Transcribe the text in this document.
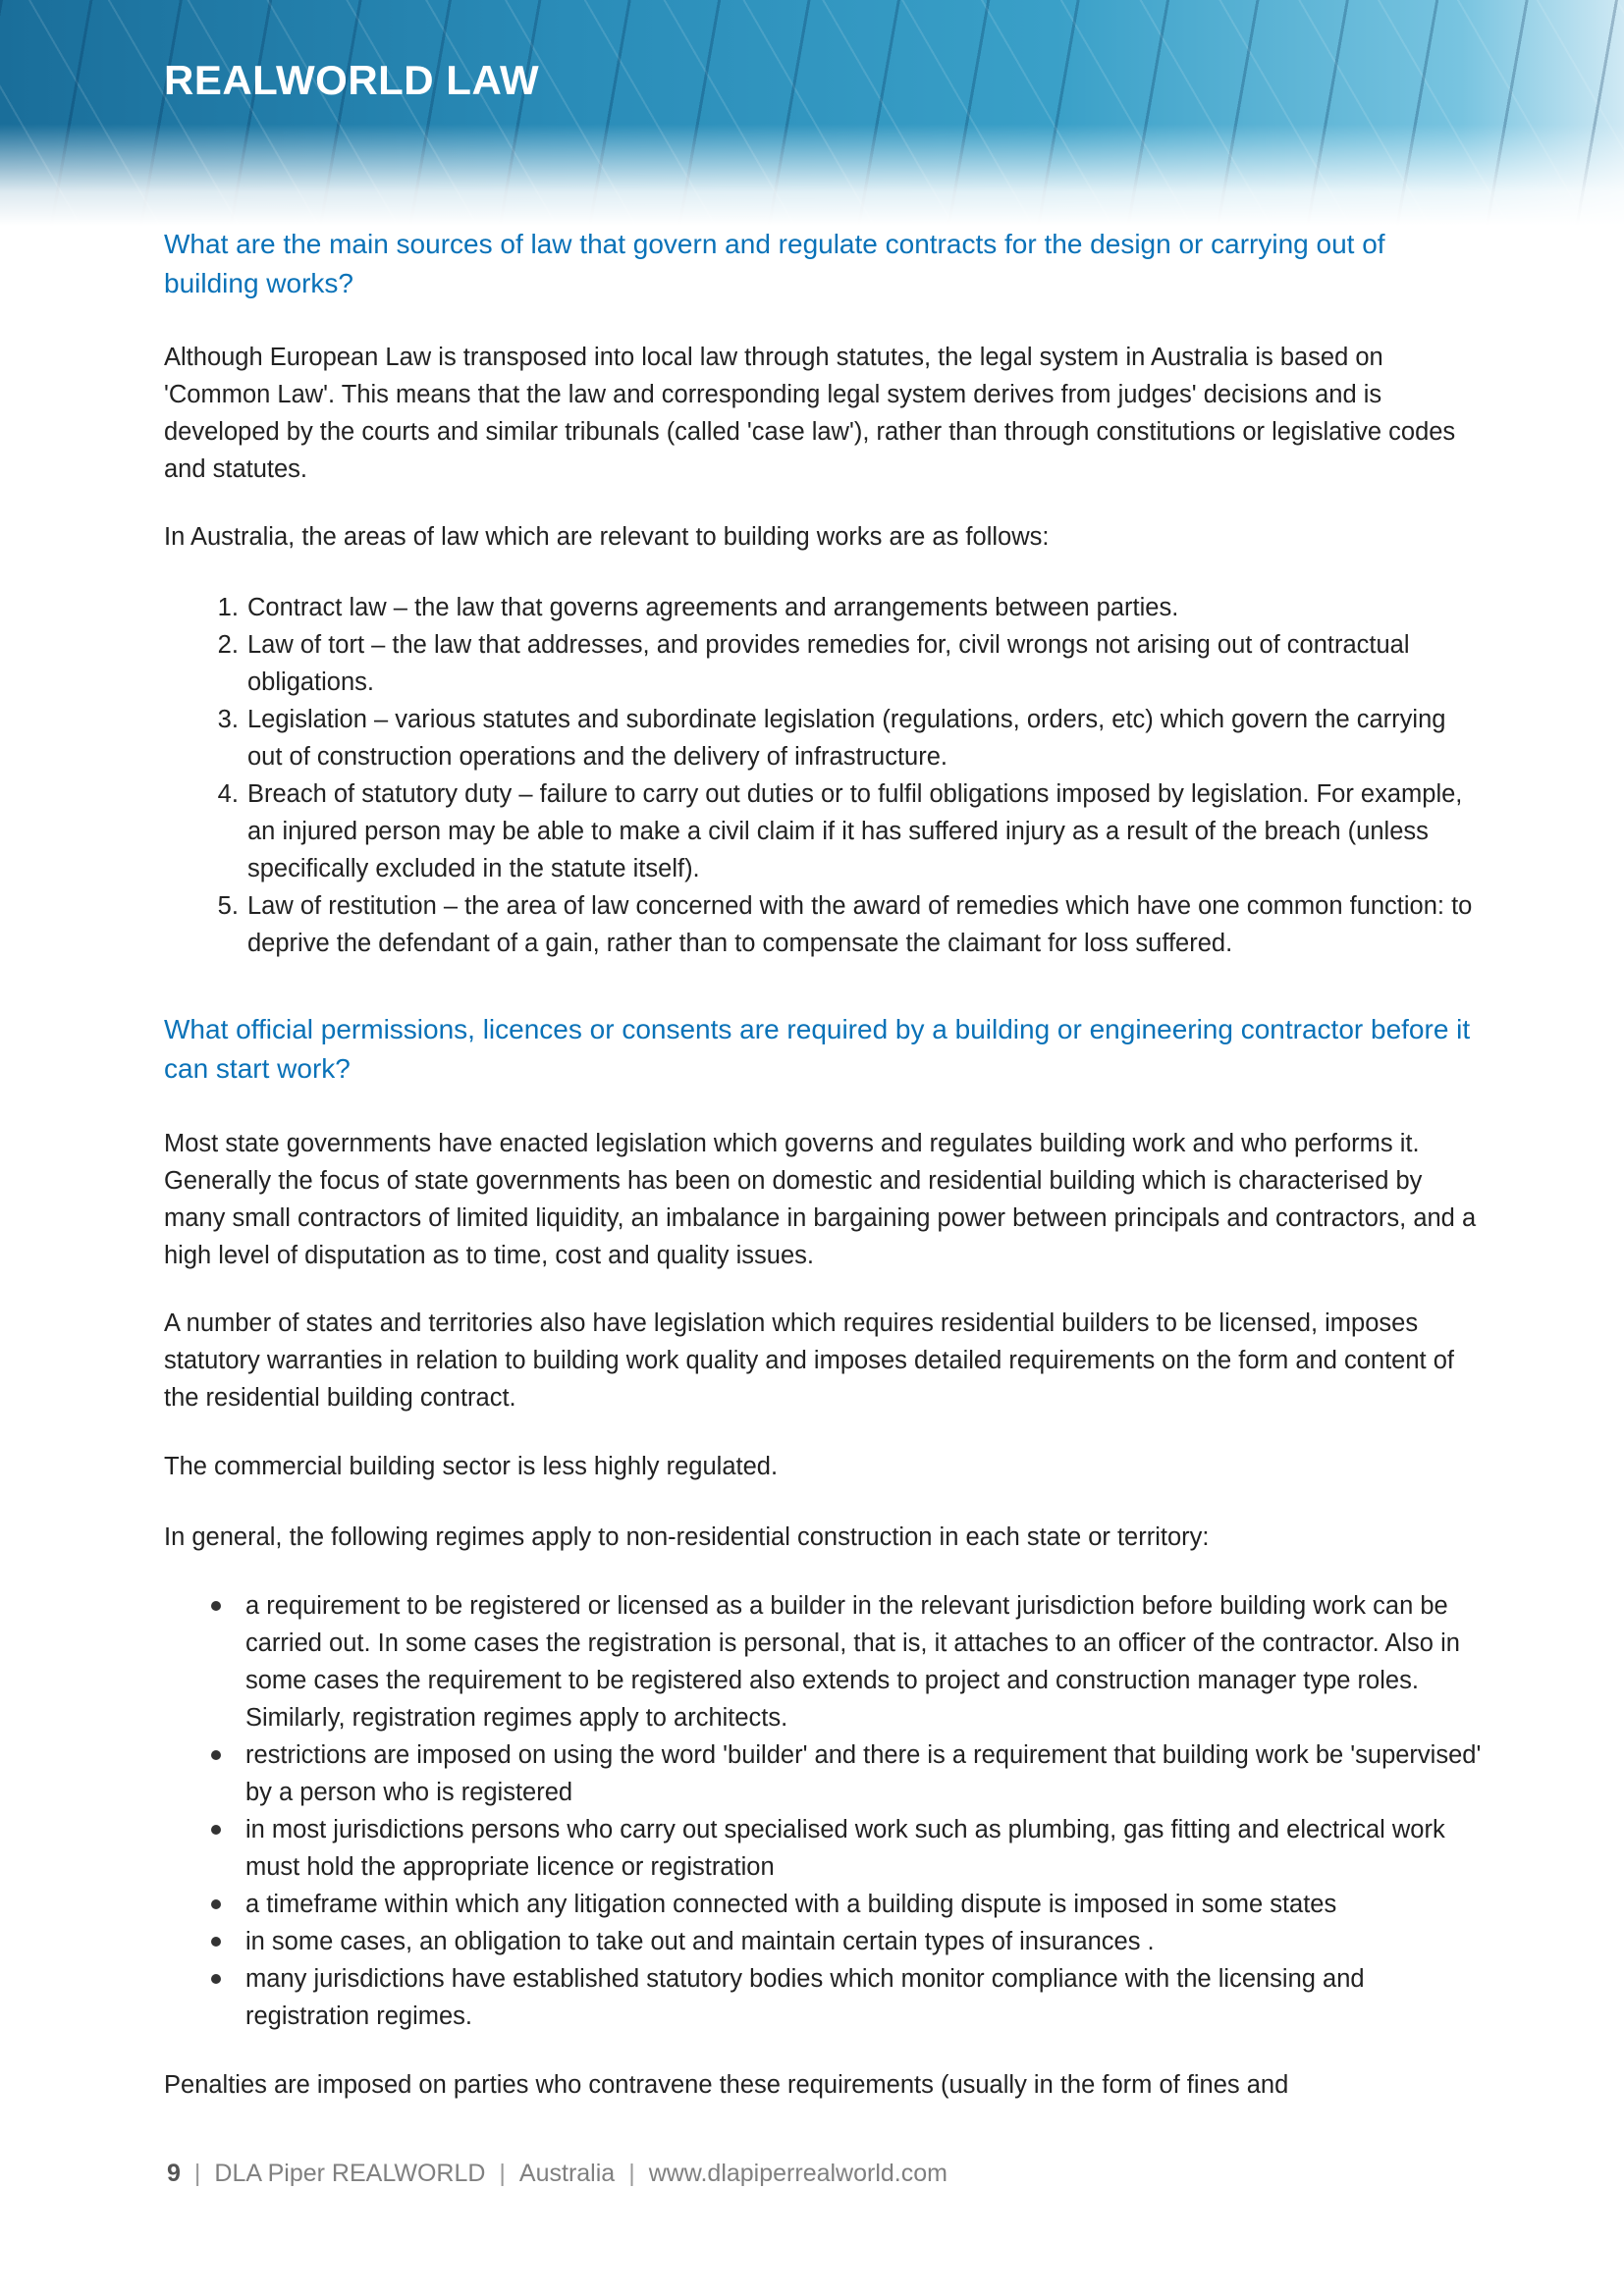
REALWORLD LAW
What are the main sources of law that govern and regulate contracts for the design or carrying out of building works?
Although European Law is transposed into local law through statutes, the legal system in Australia is based on 'Common Law'. This means that the law and corresponding legal system derives from judges' decisions and is developed by the courts and similar tribunals (called 'case law'), rather than through constitutions or legislative codes and statutes.
In Australia, the areas of law which are relevant to building works are as follows:
1. Contract law – the law that governs agreements and arrangements between parties.
2. Law of tort – the law that addresses, and provides remedies for, civil wrongs not arising out of contractual obligations.
3. Legislation – various statutes and subordinate legislation (regulations, orders, etc) which govern the carrying out of construction operations and the delivery of infrastructure.
4. Breach of statutory duty – failure to carry out duties or to fulfil obligations imposed by legislation. For example, an injured person may be able to make a civil claim if it has suffered injury as a result of the breach (unless specifically excluded in the statute itself).
5. Law of restitution – the area of law concerned with the award of remedies which have one common function: to deprive the defendant of a gain, rather than to compensate the claimant for loss suffered.
What official permissions, licences or consents are required by a building or engineering contractor before it can start work?
Most state governments have enacted legislation which governs and regulates building work and who performs it. Generally the focus of state governments has been on domestic and residential building which is characterised by many small contractors of limited liquidity, an imbalance in bargaining power between principals and contractors, and a high level of disputation as to time, cost and quality issues.
A number of states and territories also have legislation which requires residential builders to be licensed, imposes statutory warranties in relation to building work quality and imposes detailed requirements on the form and content of the residential building contract.
The commercial building sector is less highly regulated.
In general, the following regimes apply to non-residential construction in each state or territory:
a requirement to be registered or licensed as a builder in the relevant jurisdiction before building work can be carried out. In some cases the registration is personal, that is, it attaches to an officer of the contractor. Also in some cases the requirement to be registered also extends to project and construction manager type roles. Similarly, registration regimes apply to architects.
restrictions are imposed on using the word 'builder' and there is a requirement that building work be 'supervised' by a person who is registered
in most jurisdictions persons who carry out specialised work such as plumbing, gas fitting and electrical work must hold the appropriate licence or registration
a timeframe within which any litigation connected with a building dispute is imposed in some states
in some cases, an obligation to take out and maintain certain types of insurances .
many jurisdictions have established statutory bodies which monitor compliance with the licensing and registration regimes.
Penalties are imposed on parties who contravene these requirements (usually in the form of fines and
9 | DLA Piper REALWORLD | Australia | www.dlapiperrealworld.com
